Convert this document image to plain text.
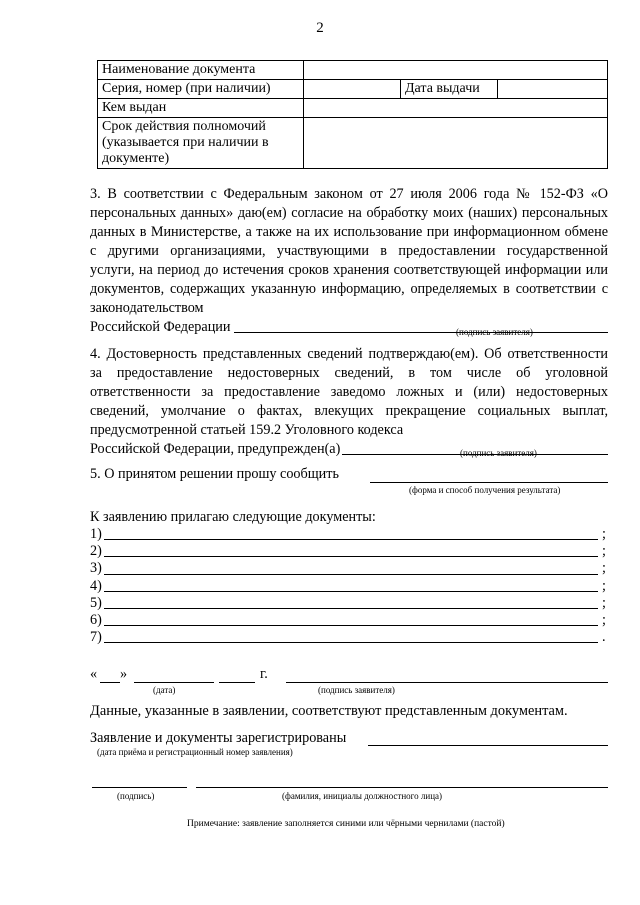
2
Наименование документа			
Серия, номер (при наличии)		Дата выдачи	
Кем выдан			
Срок действия полномочий (указывается при наличии в документе)			

3. В соответствии с Федеральным законом от 27 июля 2006 года № 152-ФЗ «О персональных данных» даю(ем) согласие на обработку моих (наших) персональных данных в Министерстве, а также на их использование при информационном обмене с другими организациями, участвующими в предоставлении государственной услуги, на период до истечения сроков хранения соответствующей информации или документов, содержащих указанную информацию, определяемых в соответствии с законодательством

Российской Федерации	(подпись заявителя)

4. Достоверность представленных сведений подтверждаю(ем). Об ответственности за предоставление недостоверных сведений, в том числе об уголовной ответственности за предоставление заведомо ложных и (или) недостоверных сведений, умолчание о фактах, влекущих прекращение социальных выплат, предусмотренной статьей 159.2 Уголовного кодекса

Российской Федерации, предупрежден(а)	(подпись заявителя)
5. О принятом решении прошу сообщить
(форма и способ получения результата)
К заявлению прилагаю следующие документы:
1)	;
2)	;
3)	;
4)	;
5)	;
6)	;
7)	.
« »	г.
(дата)	(подпись заявителя)
Данные, указанные в заявлении, соответствуют представленным документам.
Заявление и документы зарегистрированы
(дата приёма и регистрационный номер заявления)
(подпись)	(фамилия, инициалы должностного лица)
Примечание: заявление заполняется синими или чёрными чернилами (пастой)
